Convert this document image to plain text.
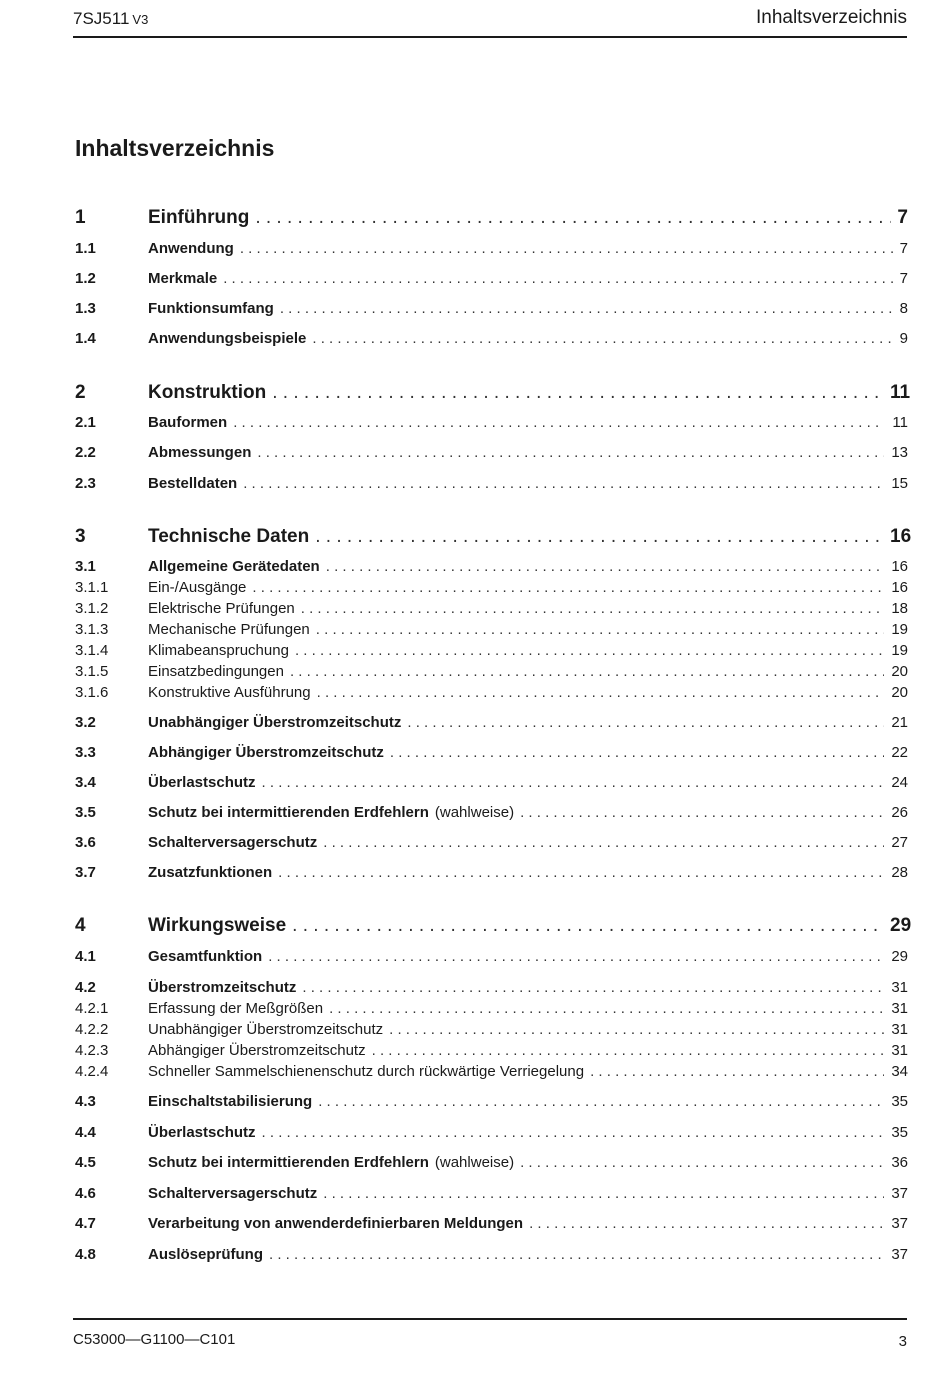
7SJ511 V3	Inhaltsverzeichnis
Inhaltsverzeichnis
1	Einführung . . .	7
1.1	Anwendung . . .	7
1.2	Merkmale . . .	7
1.3	Funktionsumfang . . .	8
1.4	Anwendungsbeispiele . . .	9
2	Konstruktion . . .	11
2.1	Bauformen . . .	11
2.2	Abmessungen . . .	13
2.3	Bestelldaten . . .	15
3	Technische Daten . . .	16
3.1	Allgemeine Gerätedaten . . .	16
3.1.1	Ein-/Ausgänge . . .	16
3.1.2	Elektrische Prüfungen . . .	18
3.1.3	Mechanische Prüfungen . . .	19
3.1.4	Klimabeanspruchung . . .	19
3.1.5	Einsatzbedingungen . . .	20
3.1.6	Konstruktive Ausführung . . .	20
3.2	Unabhängiger Überstromzeitschutz . . .	21
3.3	Abhängiger Überstromzeitschutz . . .	22
3.4	Überlastschutz . . .	24
3.5	Schutz bei intermittierenden Erdfehlern (wahlweise) . . .	26
3.6	Schalterversagerschutz . . .	27
3.7	Zusatzfunktionen . . .	28
4	Wirkungsweise . . .	29
4.1	Gesamtfunktion . . .	29
4.2	Überstromzeitschutz . . .	31
4.2.1	Erfassung der Meßgrößen . . .	31
4.2.2	Unabhängiger Überstromzeitschutz . . .	31
4.2.3	Abhängiger Überstromzeitschutz . . .	31
4.2.4	Schneller Sammelschienenschutz durch rückwärtige Verriegelung . . .	34
4.3	Einschaltstabilisierung . . .	35
4.4	Überlastschutz . . .	35
4.5	Schutz bei intermittierenden Erdfehlern (wahlweise) . . .	36
4.6	Schalterversagerschutz . . .	37
4.7	Verarbeitung von anwenderdefinierbaren Meldungen . . .	37
4.8	Auslöseprüfung . . .	37
C53000—G1100—C101	3
